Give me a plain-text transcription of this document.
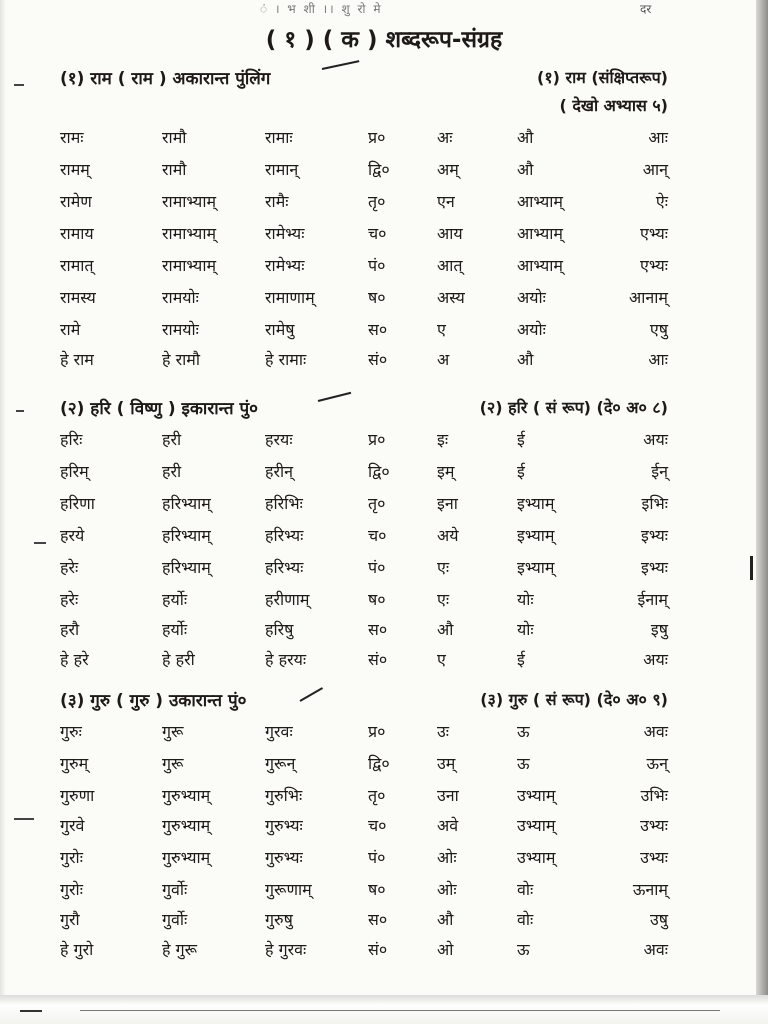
ं । भ शी ।। शु रो मे	दर
( १ ) ( क ) शब्दरूप-संग्रह
(१) राम ( राम ) अकारान्त पुंलिंग	(१) राम (संक्षिप्तरूप)
( देखो अभ्यास ५)
रामः	रामौ	रामाः	प्र०	अः	औ	आः
रामम्	रामौ	रामान्	द्वि०	अम्	औ	आन्
रामेण	रामाभ्याम्	रामैः	तृ०	एन	आभ्याम्	ऐः
रामाय	रामाभ्याम्	रामेभ्यः	च०	आय	आभ्याम्	एभ्यः
रामात्	रामाभ्याम्	रामेभ्यः	पं०	आत्	आभ्याम्	एभ्यः
रामस्य	रामयोः	रामाणाम्	ष०	अस्य	अयोः	आनाम्
रामे	रामयोः	रामेषु	स०	ए	अयोः	एषु
हे राम	हे रामौ	हे रामाः	सं०	अ	औ	आः
(२) हरि ( विष्णु ) इकारान्त पुं०	(२) हरि ( सं रूप) (दे० अ० ८)
हरिः	हरी	हरयः	प्र०	इः	ई	अयः
हरिम्	हरी	हरीन्	द्वि०	इम्	ई	ईन्
हरिणा	हरिभ्याम्	हरिभिः	तृ०	इना	इभ्याम्	इभिः
हरये	हरिभ्याम्	हरिभ्यः	च०	अये	इभ्याम्	इभ्यः
हरेः	हरिभ्याम्	हरिभ्यः	पं०	एः	इभ्याम्	इभ्यः
हरेः	हर्योः	हरीणाम्	ष०	एः	योः	ईनाम्
हरौ	हर्योः	हरिषु	स०	औ	योः	इषु
हे हरे	हे हरी	हे हरयः	सं०	ए	ई	अयः
(३) गुरु ( गुरु ) उकारान्त पुं०	(३) गुरु ( सं रूप) (दे० अ० ९)
गुरुः	गुरू	गुरवः	प्र०	उः	ऊ	अवः
गुरुम्	गुरू	गुरून्	द्वि०	उम्	ऊ	ऊन्
गुरुणा	गुरुभ्याम्	गुरुभिः	तृ०	उना	उभ्याम्	उभिः
गुरवे	गुरुभ्याम्	गुरुभ्यः	च०	अवे	उभ्याम्	उभ्यः
गुरोः	गुरुभ्याम्	गुरुभ्यः	पं०	ओः	उभ्याम्	उभ्यः
गुरोः	गुर्वोः	गुरूणाम्	ष०	ओः	वोः	ऊनाम्
गुरौ	गुर्वोः	गुरुषु	स०	औ	वोः	उषु
हे गुरो	हे गुरू	हे गुरवः	सं०	ओ	ऊ	अवः
